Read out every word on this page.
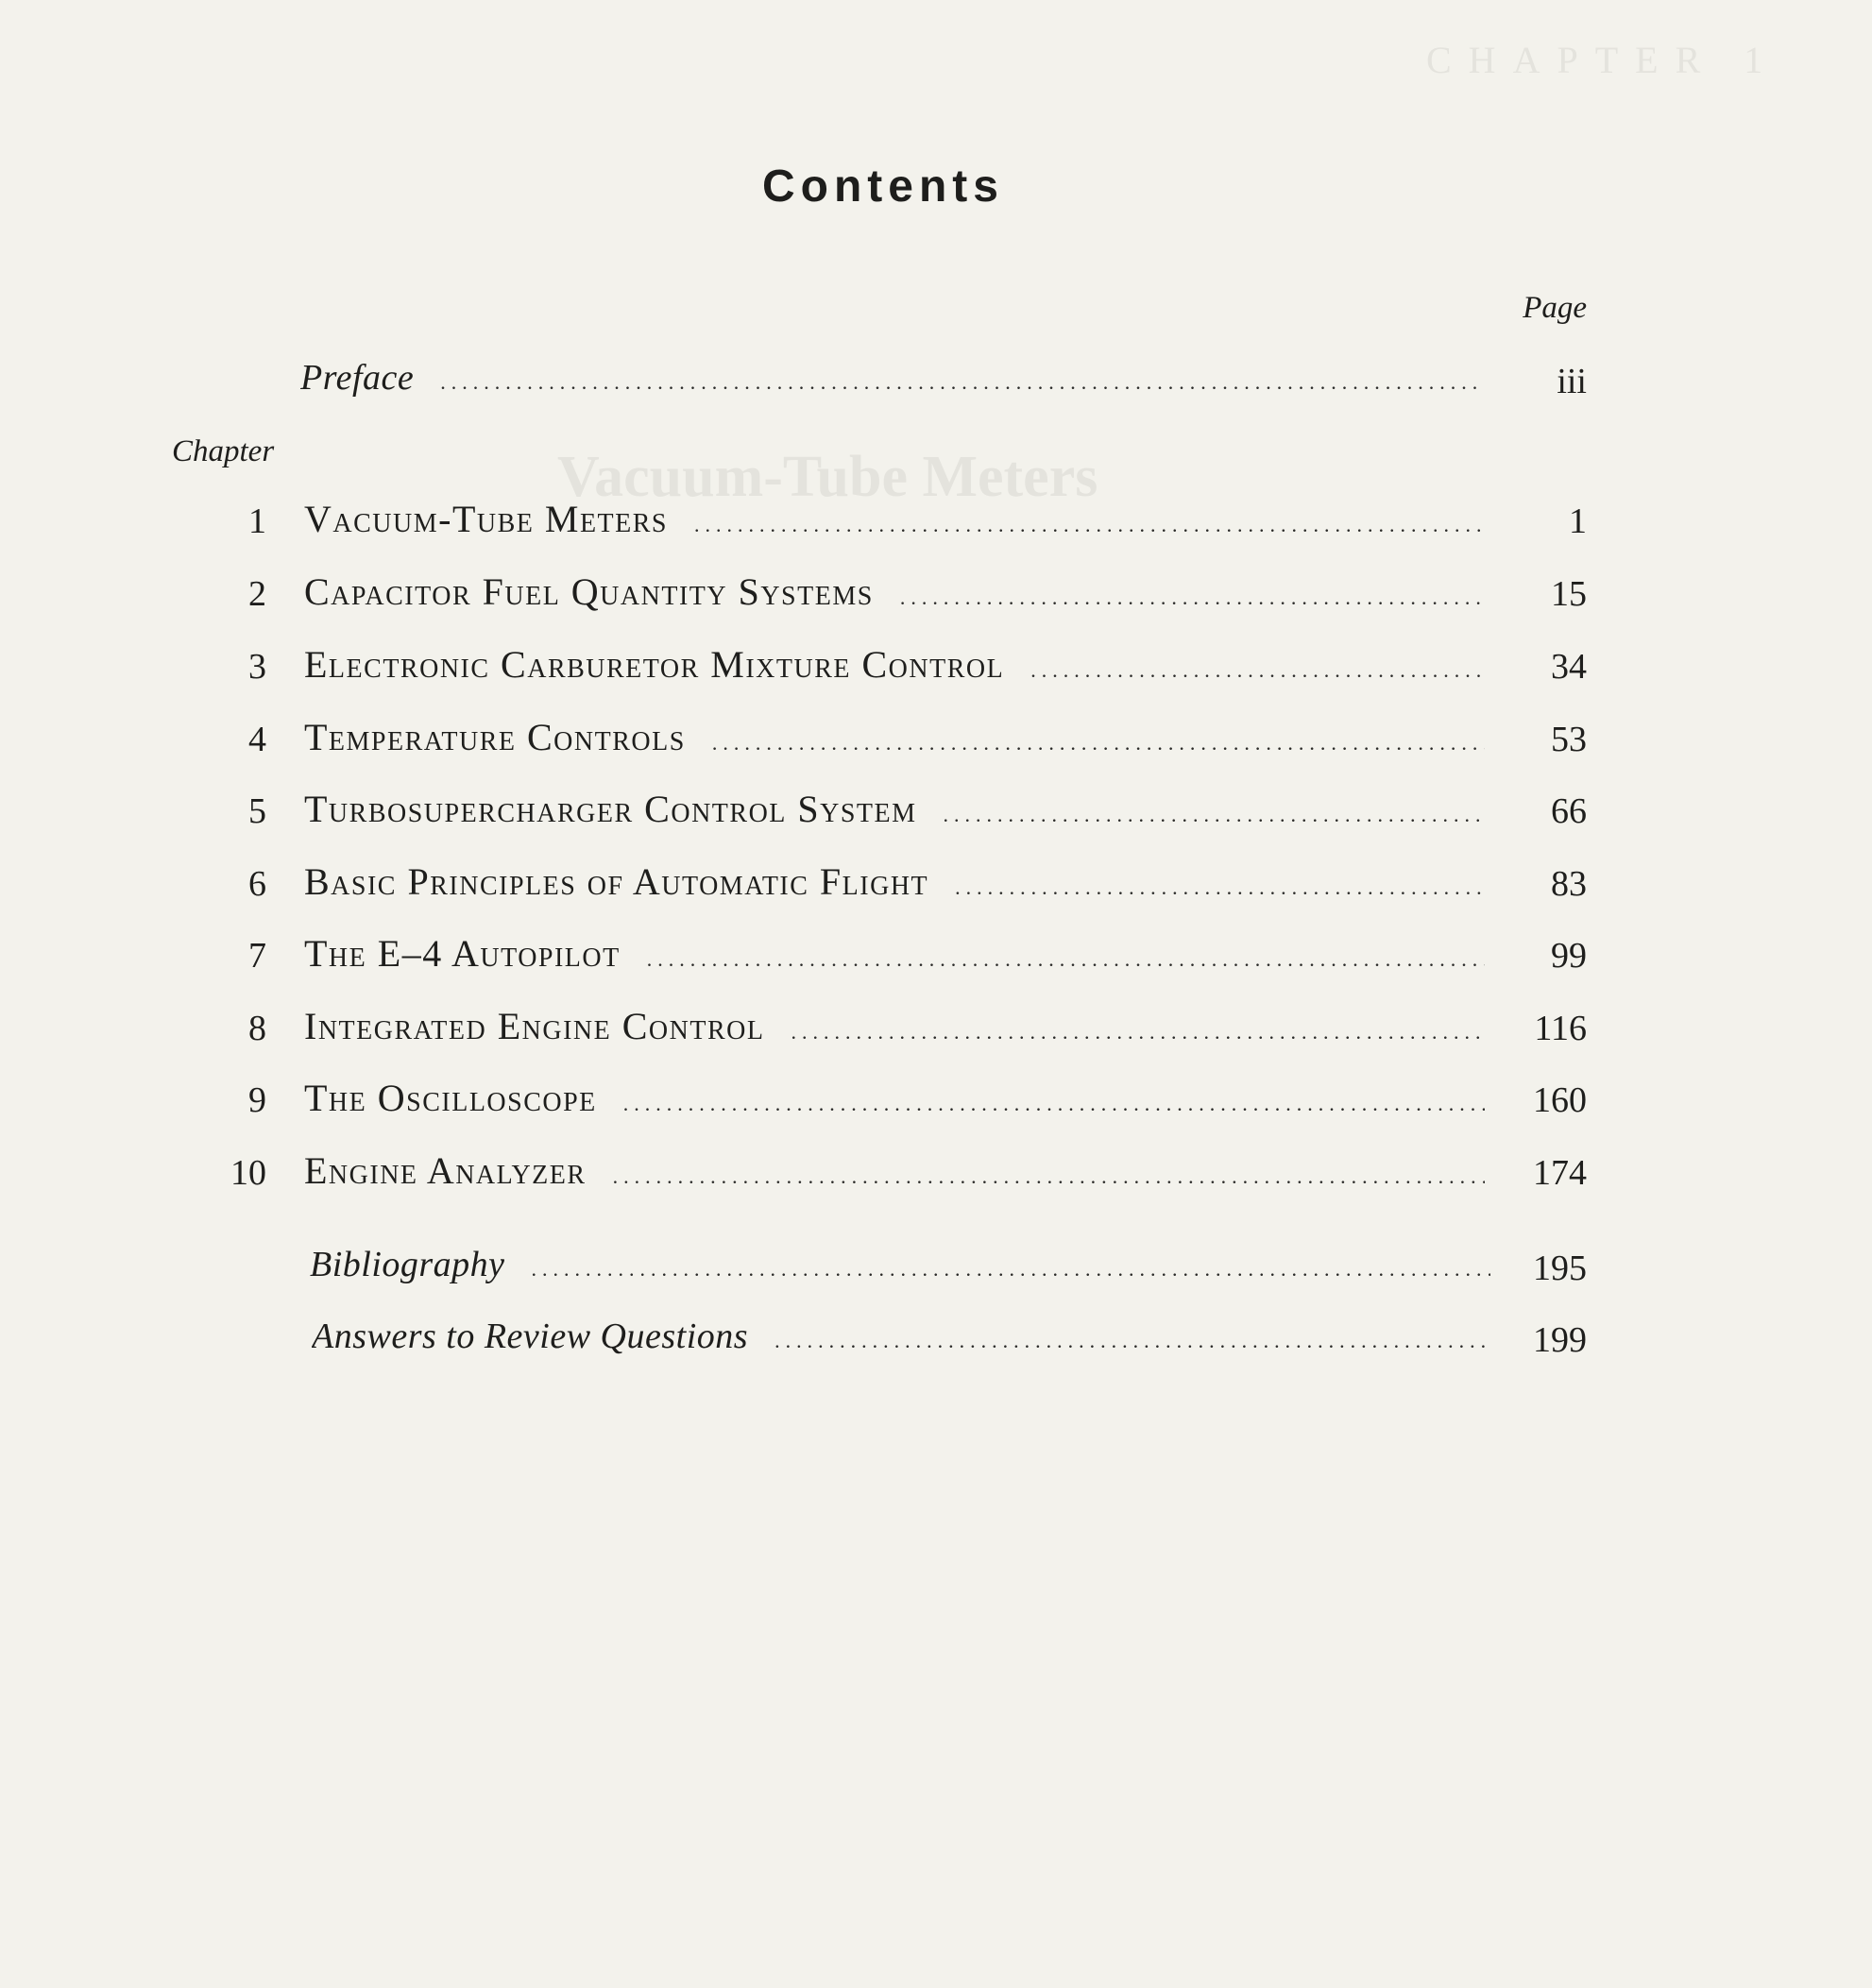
CHAPTER 1
Vacuum-Tube Meters
Contents
Page
Preface .....	iii
Chapter
1 Vacuum-Tube Meters .....	1
2 Capacitor Fuel Quantity Systems .....	15
3 Electronic Carburetor Mixture Control .....	34
4 Temperature Controls .....	53
5 Turbosupercharger Control System .....	66
6 Basic Principles of Automatic Flight .....	83
7 The E–4 Autopilot .....	99
8 Integrated Engine Control .....	116
9 The Oscilloscope .....	160
10 Engine Analyzer .....	174
Bibliography .....	195
Answers to Review Questions .....	199
